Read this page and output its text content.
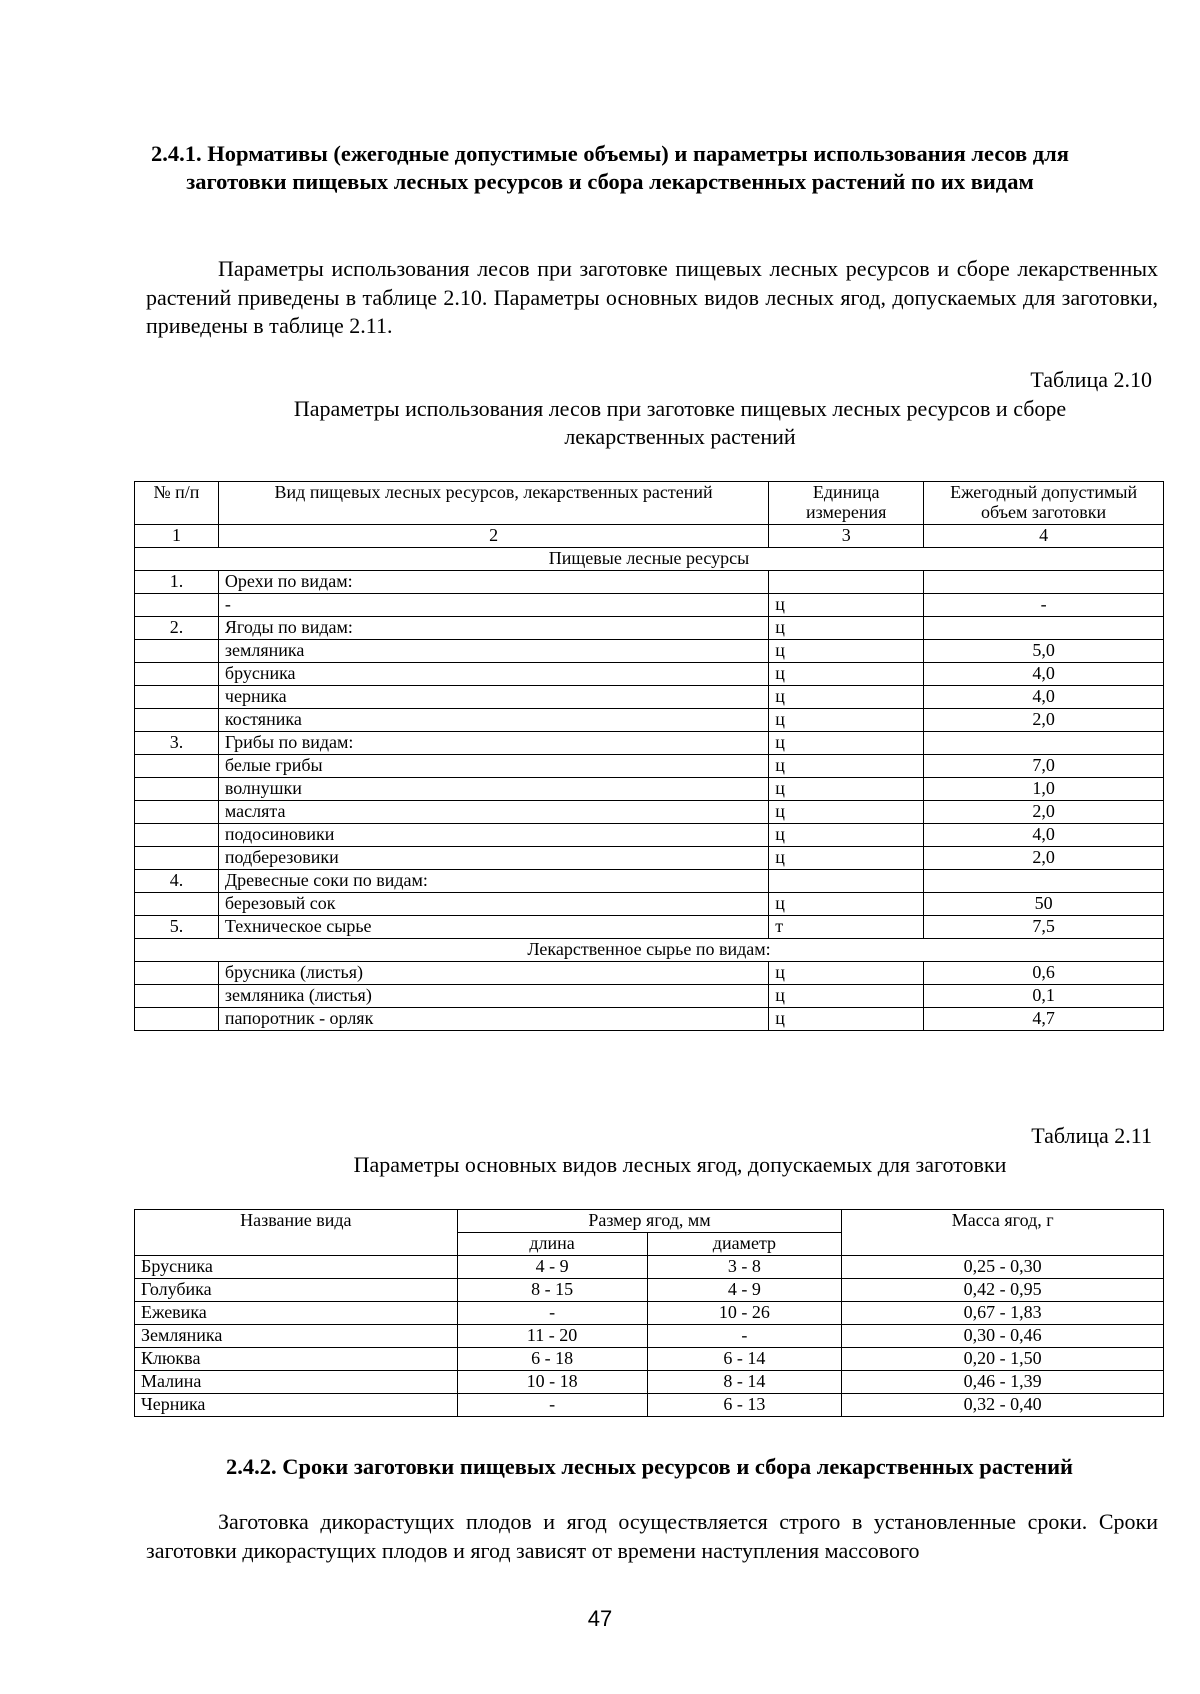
2.4.1. Нормативы (ежегодные допустимые объемы) и параметры использования лесов для заготовки пищевых лесных ресурсов и сбора лекарственных растений по их видам
Параметры использования лесов при заготовке пищевых лесных ресурсов и сборе лекарственных растений приведены в таблице 2.10. Параметры основных видов лесных ягод, допускаемых для заготовки, приведены в таблице 2.11.
Таблица 2.10
Параметры использования лесов при заготовке пищевых лесных ресурсов и сборе лекарственных растений
№ п/п	Вид пищевых лесных ресурсов, лекарственных растений	Единица измерения	Ежегодный допустимый объем заготовки
1	2	3	4
Пищевые лесные ресурсы			
1.	Орехи по видам:		
	-	ц	-
2.	Ягоды по видам:	ц	
	земляника	ц	5,0
	брусника	ц	4,0
	черника	ц	4,0
	костяника	ц	2,0
3.	Грибы по видам:	ц	
	белые грибы	ц	7,0
	волнушки	ц	1,0
	маслята	ц	2,0
	подосиновики	ц	4,0
	подберезовики	ц	2,0
4.	Древесные соки по видам:		
	березовый сок	ц	50
5.	Техническое сырье	т	7,5
Лекарственное сырье по видам:			
	брусника (листья)	ц	0,6
	земляника (листья)	ц	0,1
	папоротник - орляк	ц	4,7
Таблица 2.11
Параметры основных видов лесных ягод, допускаемых для заготовки
Название вида	Размер ягод, мм		Масса ягод, г
	длина	диаметр	
Брусника	4 - 9	3 - 8	0,25 - 0,30
Голубика	8 - 15	4 - 9	0,42 - 0,95
Ежевика	-	10 - 26	0,67 - 1,83
Земляника	11 - 20	-	0,30 - 0,46
Клюква	6 - 18	6 - 14	0,20 - 1,50
Малина	10 - 18	8 - 14	0,46 - 1,39
Черника	-	6 - 13	0,32 - 0,40
2.4.2. Сроки заготовки пищевых лесных ресурсов и сбора лекарственных растений
Заготовка дикорастущих плодов и ягод осуществляется строго в установленные сроки. Сроки заготовки дикорастущих плодов и ягод зависят от времени наступления массового
47
